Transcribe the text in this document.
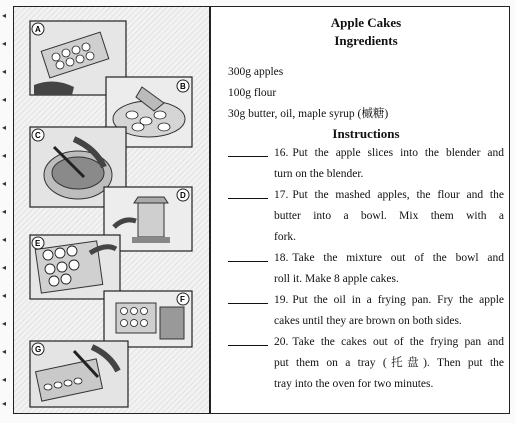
◂
◂
◂
◂
◂
◂
◂
◂
◂
◂
◂
◂
◂
◂
◂
A
B
C
D
E
F
G
Apple Cakes
Ingredients
300g apples
100g flour
30g butter, oil, maple syrup (槭糖)
Instructions
16. Put the apple slices into the blender and
turn on the blender.
17. Put the mashed apples, the flour and the
butter into a bowl. Mix them with a
fork.
18. Take the mixture out of the bowl and
roll it. Make 8 apple cakes.
19. Put the oil in a frying pan. Fry the apple
cakes until they are brown on both sides.
20. Take the cakes out of the frying pan and
put them on a tray (托盘). Then put the
tray into the oven for two minutes.
